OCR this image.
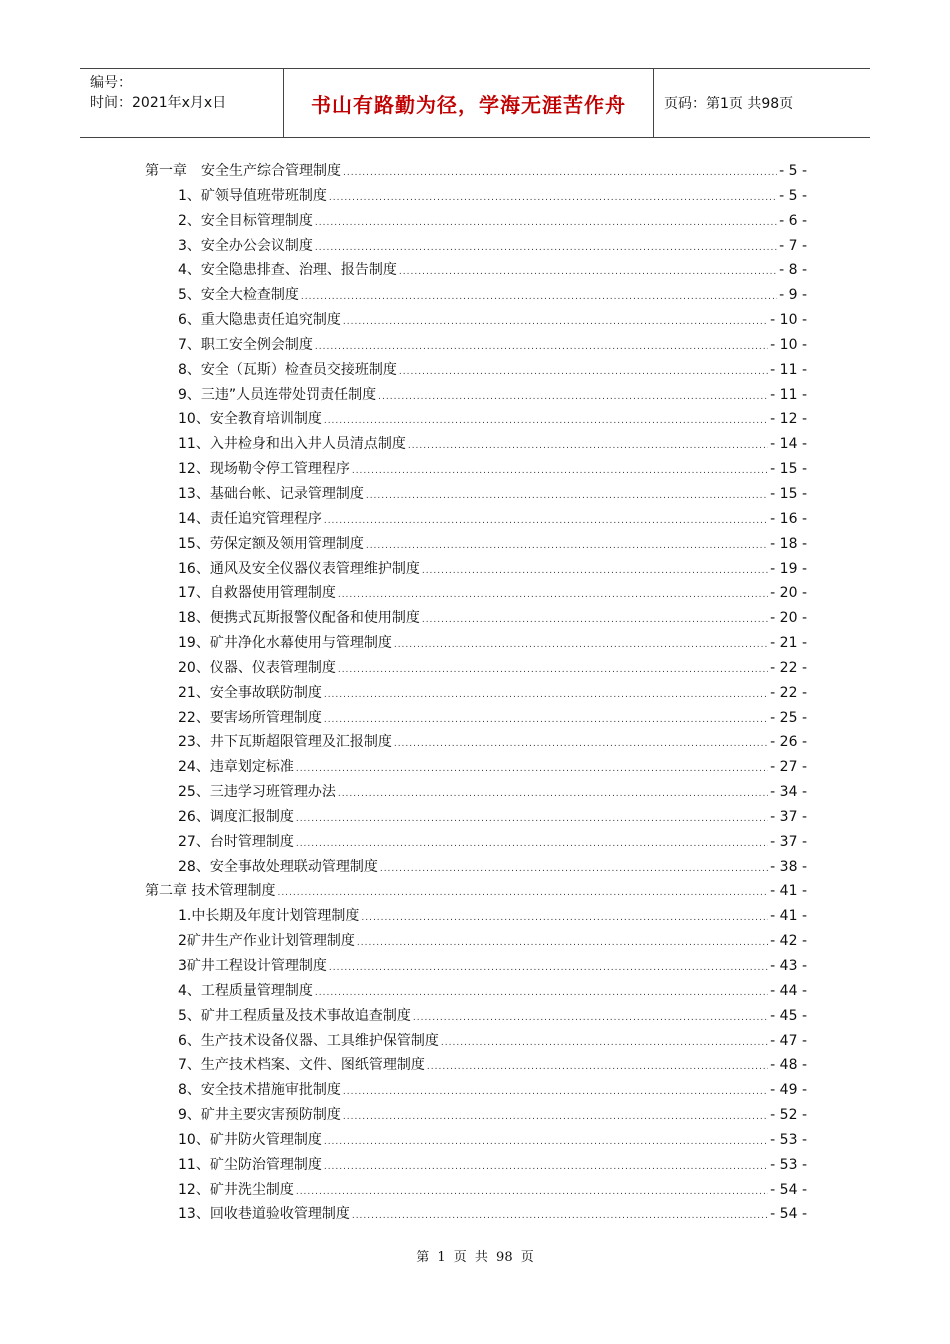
编号：
时间：2021年x月x日	书山有路勤为径，学海无涯苦作舟	页码：第1页 共98页
第一章　安全生产综合管理制度 .....	- 5 -
1、矿领导值班带班制度 .....	- 5 -
2、安全目标管理制度 .....	- 6 -
3、安全办公会议制度 .....	- 7 -
4、安全隐患排查、治理、报告制度 .....	- 8 -
5、安全大检查制度 .....	- 9 -
6、重大隐患责任追究制度 .....	- 10 -
7、职工安全例会制度 .....	- 10 -
8、安全（瓦斯）检查员交接班制度 .....	- 11 -
9、三违”人员连带处罚责任制度 .....	- 11 -
10、安全教育培训制度 .....	- 12 -
11、入井检身和出入井人员清点制度 .....	- 14 -
12、现场勒令停工管理程序 .....	- 15 -
13、基础台帐、记录管理制度 .....	- 15 -
14、责任追究管理程序 .....	- 16 -
15、劳保定额及领用管理制度 .....	- 18 -
16、通风及安全仪器仪表管理维护制度 .....	- 19 -
17、自救器使用管理制度 .....	- 20 -
18、便携式瓦斯报警仪配备和使用制度 .....	- 20 -
19、矿井净化水幕使用与管理制度 .....	- 21 -
20、仪器、仪表管理制度 .....	- 22 -
21、安全事故联防制度 .....	- 22 -
22、要害场所管理制度 .....	- 25 -
23、井下瓦斯超限管理及汇报制度 .....	- 26 -
24、违章划定标准 .....	- 27 -
25、三违学习班管理办法 .....	- 34 -
26、调度汇报制度 .....	- 37 -
27、台时管理制度 .....	- 37 -
28、安全事故处理联动管理制度 .....	- 38 -
第二章 技术管理制度 .....	- 41 -
1.中长期及年度计划管理制度 .....	- 41 -
2矿井生产作业计划管理制度 .....	- 42 -
3矿井工程设计管理制度 .....	- 43 -
4、工程质量管理制度 .....	- 44 -
5、矿井工程质量及技术事故追查制度 .....	- 45 -
6、生产技术设备仪器、工具维护保管制度 .....	- 47 -
7、生产技术档案、文件、图纸管理制度 .....	- 48 -
8、安全技术措施审批制度 .....	- 49 -
9、矿井主要灾害预防制度 .....	- 52 -
10、矿井防火管理制度 .....	- 53 -
11、矿尘防治管理制度 .....	- 53 -
12、矿井洗尘制度 .....	- 54 -
13、回收巷道验收管理制度 .....	- 54 -
第 1 页 共 98 页
